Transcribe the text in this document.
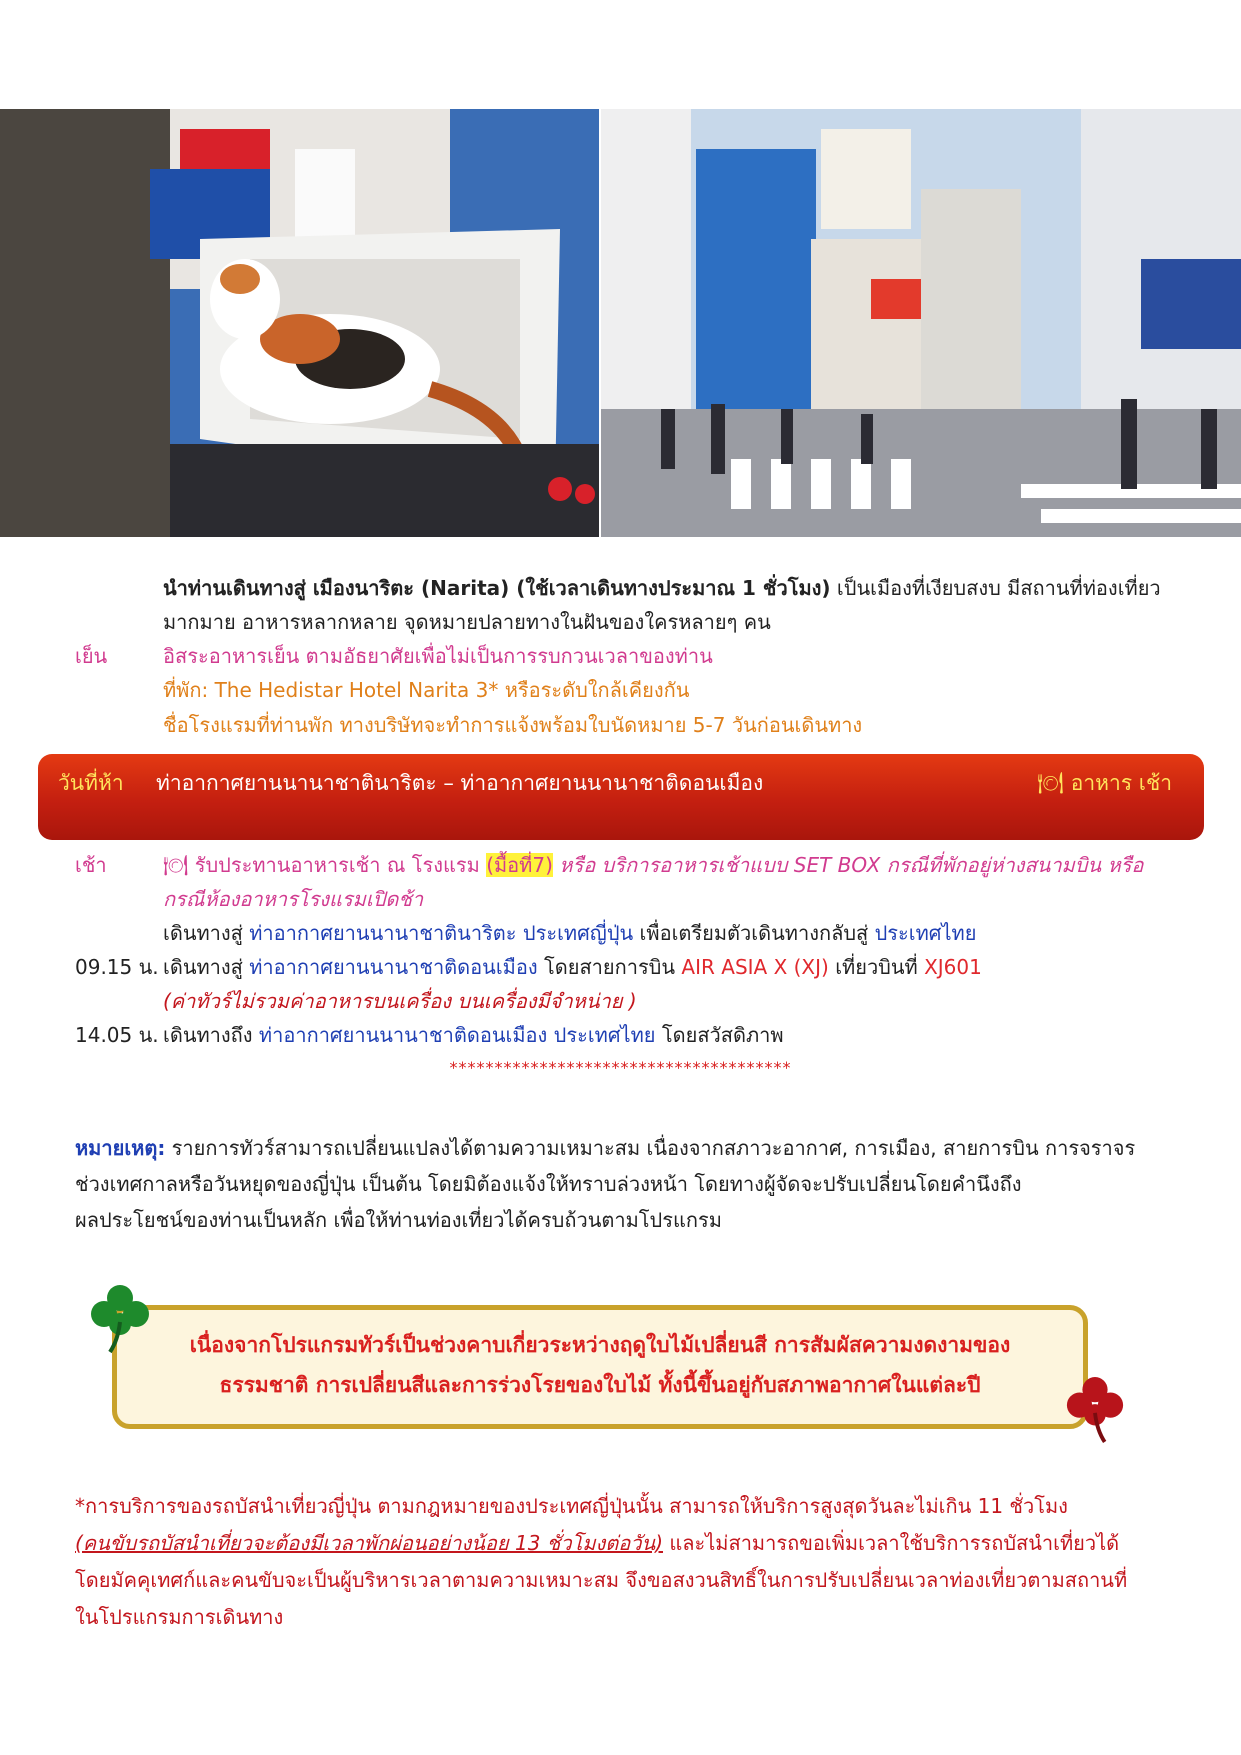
นำท่านเดินทางสู่ เมืองนาริตะ (Narita) (ใช้เวลาเดินทางประมาณ 1 ชั่วโมง) เป็นเมืองที่เงียบสงบ มีสถานที่ท่องเที่ยว
มากมาย อาหารหลากหลาย จุดหมายปลายทางในฝันของใครหลายๆ คน
เย็น	อิสระอาหารเย็น ตามอัธยาศัยเพื่อไม่เป็นการรบกวนเวลาของท่าน
ที่พัก: The Hedistar Hotel Narita 3* หรือระดับใกล้เคียงกัน
ชื่อโรงแรมที่ท่านพัก ทางบริษัทจะทำการแจ้งพร้อมใบนัดหมาย 5-7 วันก่อนเดินทาง
วันที่ห้า ท่าอากาศยานนานาชาตินาริตะ – ท่าอากาศยานนานาชาติดอนเมือง	🍽 อาหาร เช้า
เช้า	🍽 รับประทานอาหารเช้า ณ โรงแรม (มื้อที่7) หรือ บริการอาหารเช้าแบบ SET BOX กรณีที่พักอยู่ห่างสนามบิน หรือ
กรณีห้องอาหารโรงแรมเปิดช้า
เดินทางสู่ ท่าอากาศยานนานาชาตินาริตะ ประเทศญี่ปุ่น เพื่อเตรียมตัวเดินทางกลับสู่ ประเทศไทย
09.15 น. เดินทางสู่ ท่าอากาศยานนานาชาติดอนเมือง โดยสายการบิน AIR ASIA X (XJ) เที่ยวบินที่ XJ601
(ค่าทัวร์ไม่รวมค่าอาหารบนเครื่อง บนเครื่องมีจำหน่าย )
14.05 น. เดินทางถึง ท่าอากาศยานนานาชาติดอนเมือง ประเทศไทย โดยสวัสดิภาพ
**************************************
หมายเหตุ: รายการทัวร์สามารถเปลี่ยนแปลงได้ตามความเหมาะสม เนื่องจากสภาวะอากาศ, การเมือง, สายการบิน การจราจร
ช่วงเทศกาลหรือวันหยุดของญี่ปุ่น เป็นต้น โดยมิต้องแจ้งให้ทราบล่วงหน้า โดยทางผู้จัดจะปรับเปลี่ยนโดยคำนึงถึง
ผลประโยชน์ของท่านเป็นหลัก เพื่อให้ท่านท่องเที่ยวได้ครบถ้วนตามโปรแกรม
เนื่องจากโปรแกรมทัวร์เป็นช่วงคาบเกี่ยวระหว่างฤดูใบไม้เปลี่ยนสี การสัมผัสความงดงามของ
ธรรมชาติ การเปลี่ยนสีและการร่วงโรยของใบไม้ ทั้งนี้ขึ้นอยู่กับสภาพอากาศในแต่ละปี
*การบริการของรถบัสนำเที่ยวญี่ปุ่น ตามกฎหมายของประเทศญี่ปุ่นนั้น สามารถให้บริการสูงสุดวันละไม่เกิน 11 ชั่วโมง
(คนขับรถบัสนำเที่ยวจะต้องมีเวลาพักผ่อนอย่างน้อย 13 ชั่วโมงต่อวัน) และไม่สามารถขอเพิ่มเวลาใช้บริการรถบัสนำเที่ยวได้
โดยมัคคุเทศก์และคนขับจะเป็นผู้บริหารเวลาตามความเหมาะสม จึงขอสงวนสิทธิ์ในการปรับเปลี่ยนเวลาท่องเที่ยวตามสถานที่
ในโปรแกรมการเดินทาง
